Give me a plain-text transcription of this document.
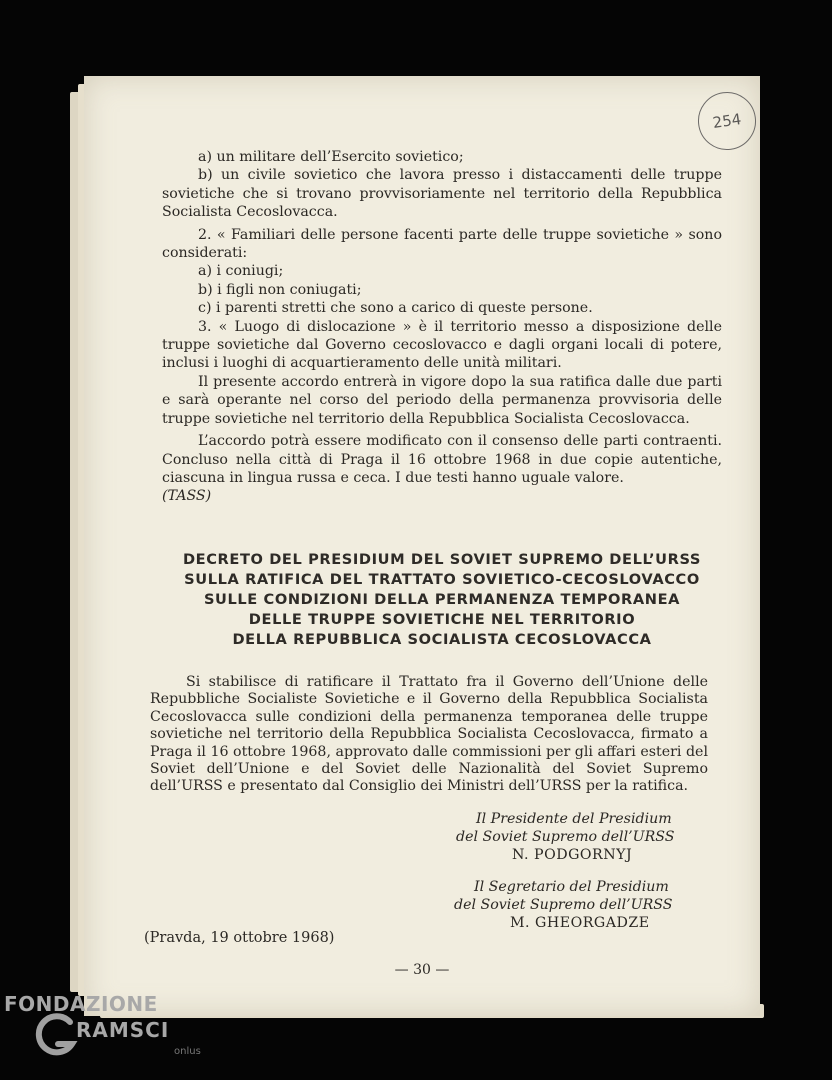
254

a) un militare dell’Esercito sovietico;

b) un civile sovietico che lavora presso i distaccamenti delle truppe sovietiche che si trovano provvisoriamente nel territorio della Repubblica Socialista Cecoslovacca.

2. « Familiari delle persone facenti parte delle truppe sovietiche » sono considerati:

a) i coniugi;

b) i figli non coniugati;

c) i parenti stretti che sono a carico di queste persone.

3. « Luogo di dislocazione » è il territorio messo a disposizione delle truppe sovietiche dal Governo cecoslovacco e dagli organi locali di potere, inclusi i luoghi di acquartieramento delle unità militari.

Il presente accordo entrerà in vigore dopo la sua ratifica dalle due parti e sarà operante nel corso del periodo della permanenza provvisoria delle truppe sovietiche nel territorio della Repubblica Socialista Cecoslovacca.

L’accordo potrà essere modificato con il consenso delle parti contraenti. Concluso nella città di Praga il 16 ottobre 1968 in due copie autentiche, ciascuna in lingua russa e ceca. I due testi hanno uguale valore.

(TASS)

DECRETO DEL PRESIDIUM DEL SOVIET SUPREMO DELL’URSS
SULLA RATIFICA DEL TRATTATO SOVIETICO-CECOSLOVACCO
SULLE CONDIZIONI DELLA PERMANENZA TEMPORANEA
DELLE TRUPPE SOVIETICHE NEL TERRITORIO
DELLA REPUBBLICA SOCIALISTA CECOSLOVACCA

Si stabilisce di ratificare il Trattato fra il Governo dell’Unione delle Repubbliche Socialiste Sovietiche e il Governo della Repubblica Socialista Cecoslovacca sulle condizioni della permanenza temporanea delle truppe sovietiche nel territorio della Repubblica Socialista Cecoslovacca, firmato a Praga il 16 ottobre 1968, approvato dalle commissioni per gli affari esteri del Soviet dell’Unione e del Soviet delle Nazionalità del Soviet Supremo dell’URSS e presentato dal Consiglio dei Ministri dell’URSS per la ratifica.

Il Presidente del Presidium
del Soviet Supremo dell’URSS
N. PODGORNYJ
Il Segretario del Presidium
del Soviet Supremo dell’URSS
M. GHEORGADZE
(Pravda, 19 ottobre 1968)
— 30 —
FONDAZIONE
RAMSCI
onlus
